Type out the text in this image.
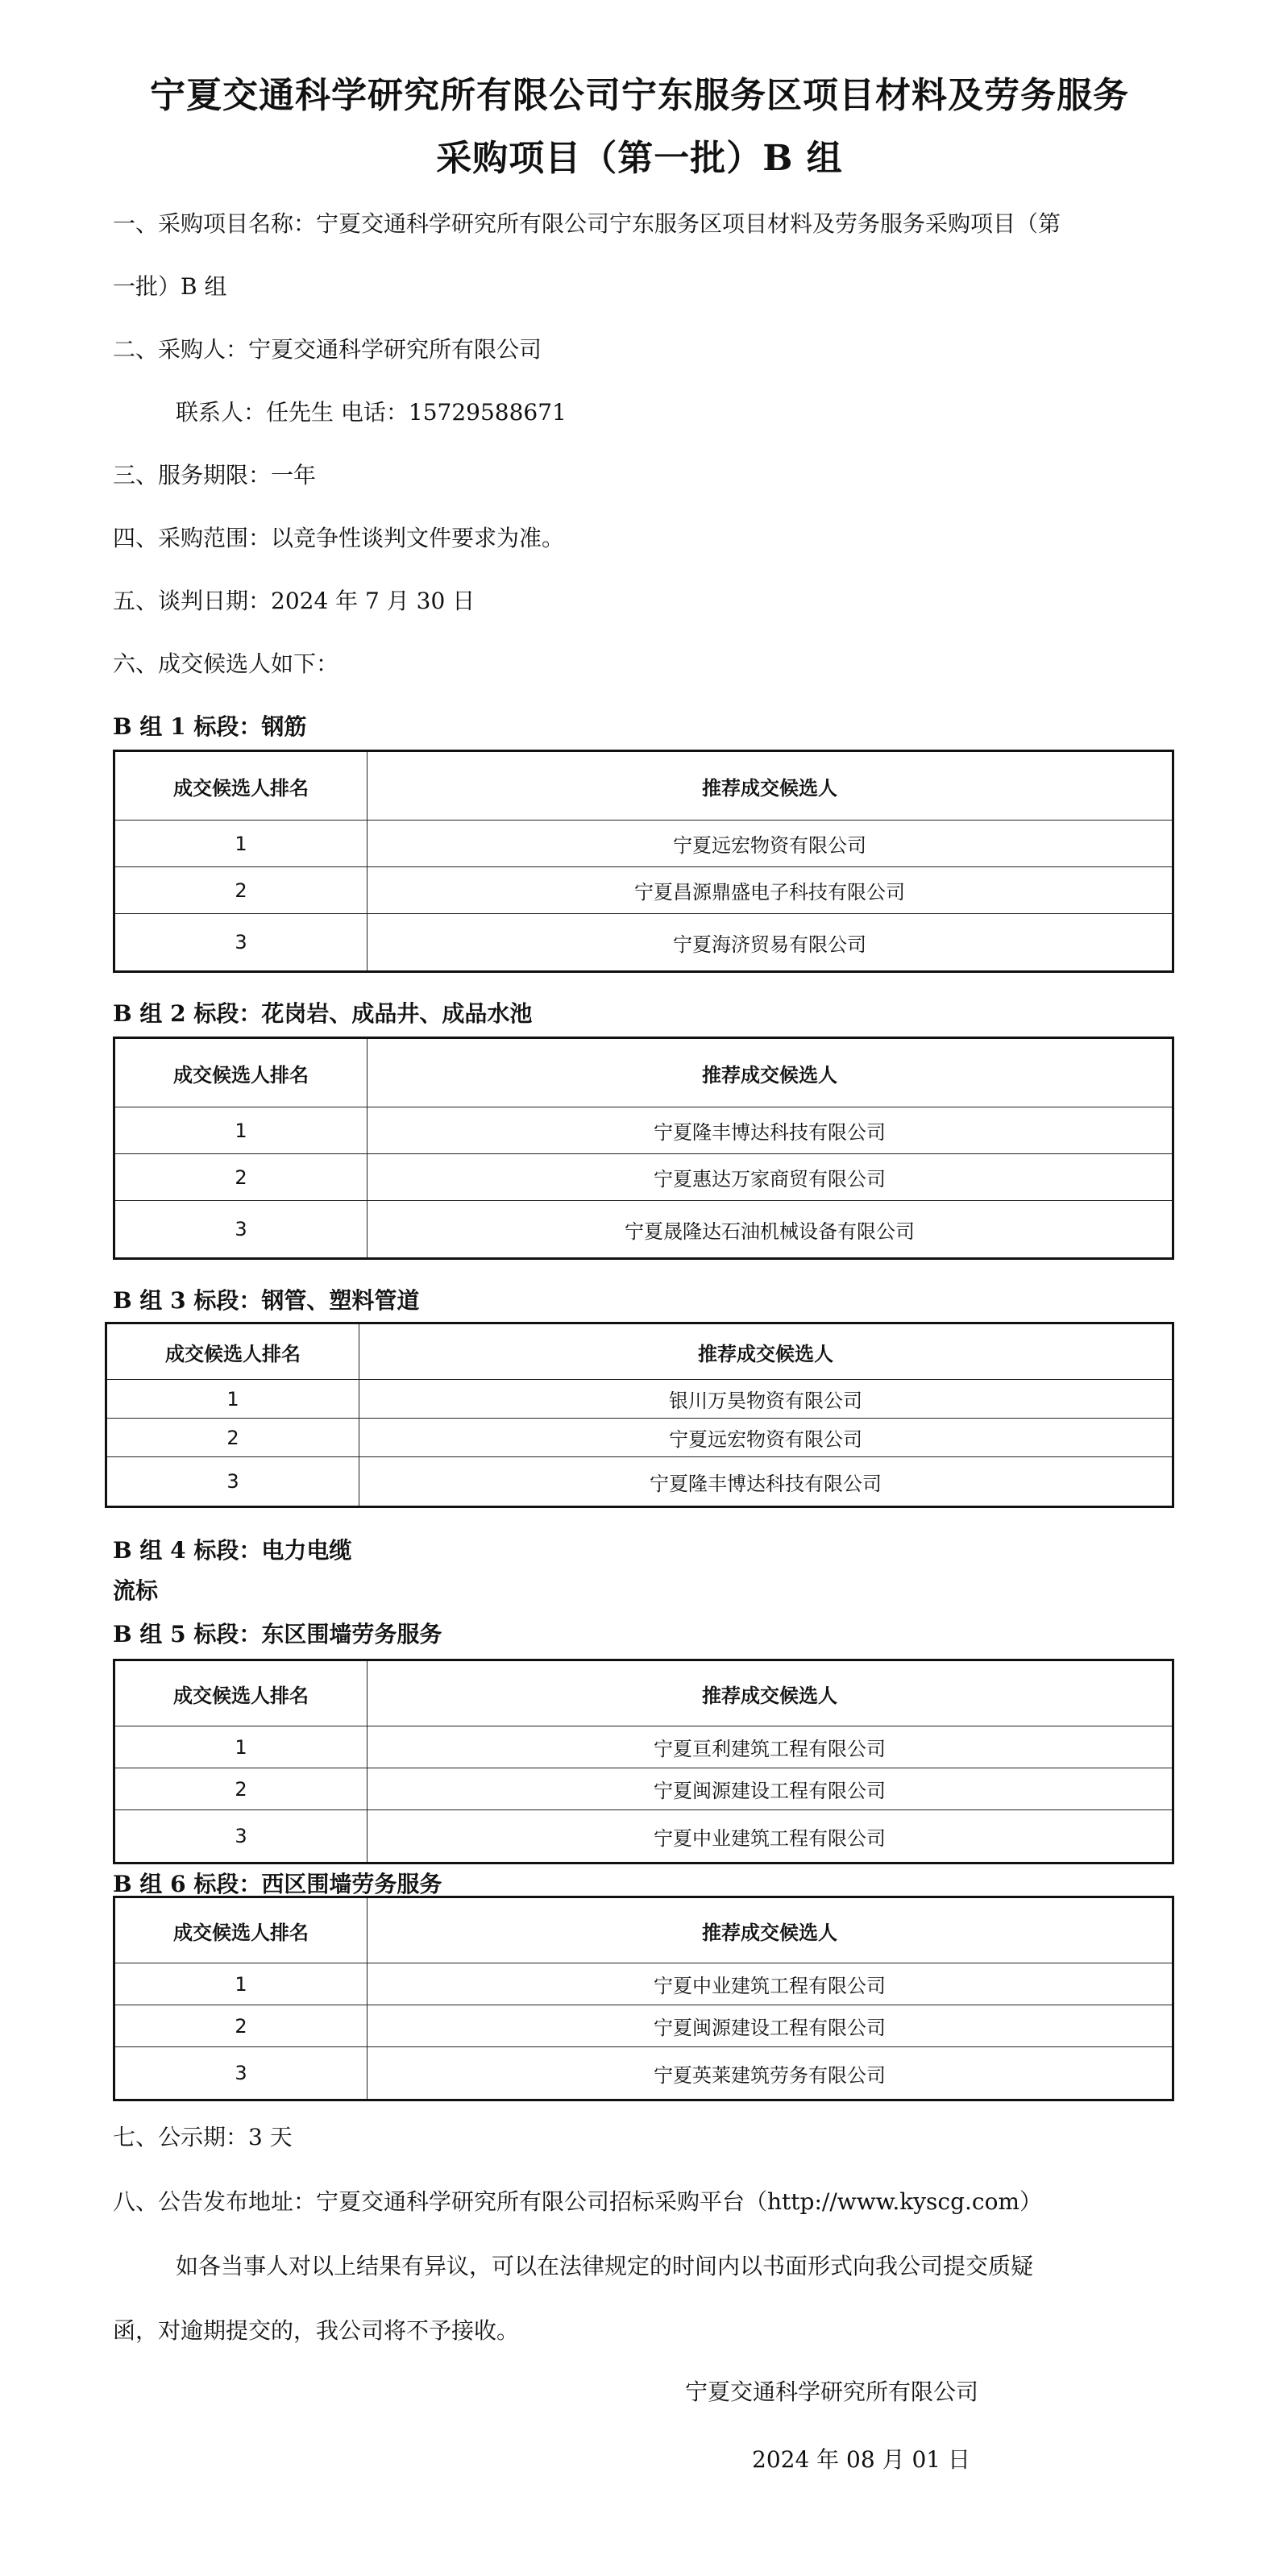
宁夏交通科学研究所有限公司宁东服务区项目材料及劳务服务
采购项目（第一批）B 组
一、采购项目名称：宁夏交通科学研究所有限公司宁东服务区项目材料及劳务服务采购项目（第
一批）B 组
二、采购人：宁夏交通科学研究所有限公司
联系人：任先生 电话：15729588671
三、服务期限：一年
四、采购范围：以竞争性谈判文件要求为准。
五、谈判日期：2024 年 7 月 30 日
六、成交候选人如下：
B 组 1 标段：钢筋
成交候选人排名	推荐成交候选人
1	宁夏远宏物资有限公司
2	宁夏昌源鼎盛电子科技有限公司
3	宁夏海济贸易有限公司
B 组 2 标段：花岗岩、成品井、成品水池
成交候选人排名	推荐成交候选人
1	宁夏隆丰博达科技有限公司
2	宁夏惠达万家商贸有限公司
3	宁夏晟隆达石油机械设备有限公司
B 组 3 标段：钢管、塑料管道
成交候选人排名	推荐成交候选人
1	银川万昊物资有限公司
2	宁夏远宏物资有限公司
3	宁夏隆丰博达科技有限公司
B 组 4 标段：电力电缆
流标
B 组 5 标段：东区围墙劳务服务
成交候选人排名	推荐成交候选人
1	宁夏亘利建筑工程有限公司
2	宁夏闽源建设工程有限公司
3	宁夏中业建筑工程有限公司
B 组 6 标段：西区围墙劳务服务
成交候选人排名	推荐成交候选人
1	宁夏中业建筑工程有限公司
2	宁夏闽源建设工程有限公司
3	宁夏英莱建筑劳务有限公司
七、公示期：3 天
八、公告发布地址：宁夏交通科学研究所有限公司招标采购平台（http://www.kyscg.com）
如各当事人对以上结果有异议，可以在法律规定的时间内以书面形式向我公司提交质疑
函，对逾期提交的，我公司将不予接收。
宁夏交通科学研究所有限公司
2024 年 08 月 01 日
